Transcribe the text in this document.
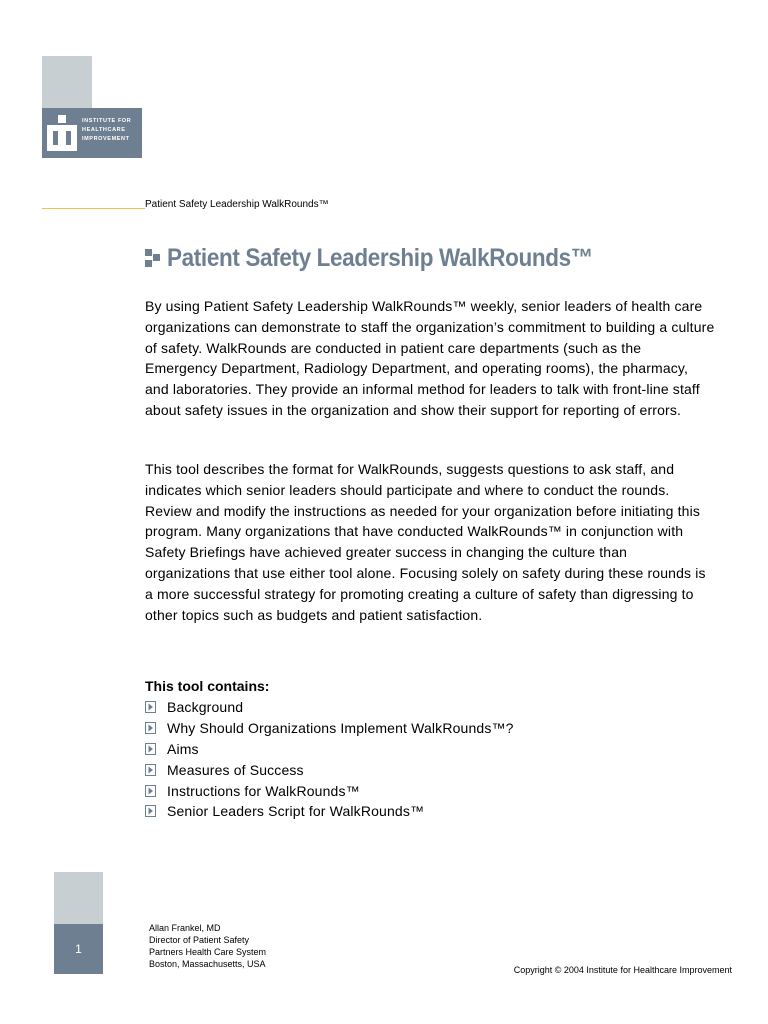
INSTITUTE FOR
HEALTHCARE
IMPROVEMENT
Patient Safety Leadership WalkRounds™
Patient Safety Leadership WalkRounds™

By using Patient Safety Leadership WalkRounds™ weekly, senior leaders of health care organizations can demonstrate to staff the organization’s commitment to building a culture of safety. WalkRounds are conducted in patient care departments (such as the Emergency Department, Radiology Department, and operating rooms), the pharmacy, and laboratories. They provide an informal method for leaders to talk with front-line staff about safety issues in the organization and show their support for reporting of errors.

This tool describes the format for WalkRounds, suggests questions to ask staff, and indicates which senior leaders should participate and where to conduct the rounds. Review and modify the instructions as needed for your organization before initiating this program. Many organizations that have conducted WalkRounds™ in conjunction with Safety Briefings have achieved greater success in changing the culture than organizations that use either tool alone. Focusing solely on safety during these rounds is a more successful strategy for promoting creating a culture of safety than digressing to other topics such as budgets and patient satisfaction.

This tool contains:
Background
Why Should Organizations Implement WalkRounds™?
Aims
Measures of Success
Instructions for WalkRounds™
Senior Leaders Script for WalkRounds™
1
Allan Frankel, MD
Director of Patient Safety
Partners Health Care System
Boston, Massachusetts, USA
Copyright © 2004 Institute for Healthcare Improvement
